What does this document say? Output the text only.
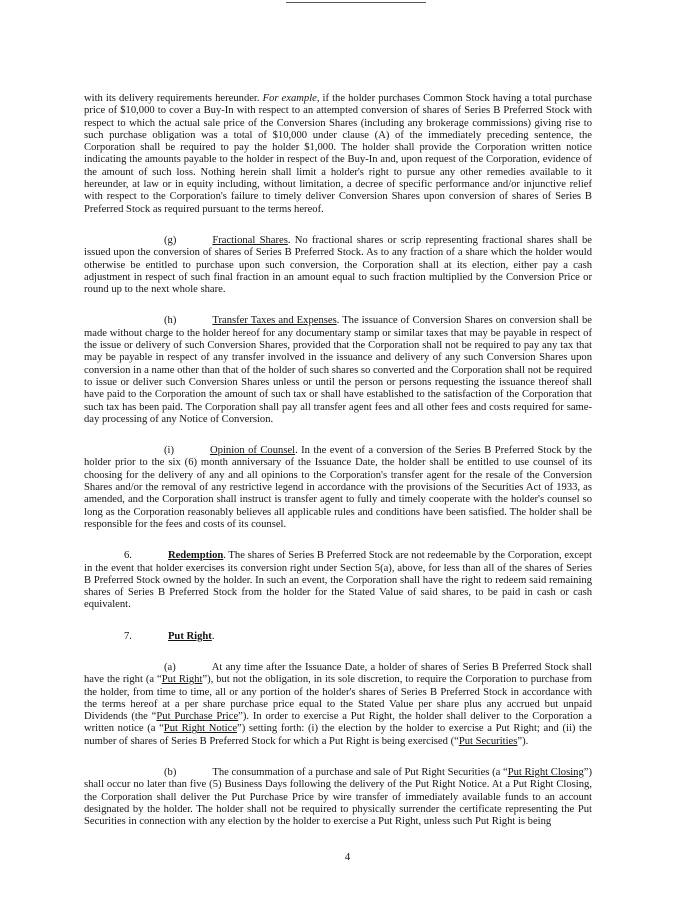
with its delivery requirements hereunder. For example, if the holder purchases Common Stock having a total purchase price of $10,000 to cover a Buy-In with respect to an attempted conversion of shares of Series B Preferred Stock with respect to which the actual sale price of the Conversion Shares (including any brokerage commissions) giving rise to such purchase obligation was a total of $10,000 under clause (A) of the immediately preceding sentence, the Corporation shall be required to pay the holder $1,000. The holder shall provide the Corporation written notice indicating the amounts payable to the holder in respect of the Buy-In and, upon request of the Corporation, evidence of the amount of such loss. Nothing herein shall limit a holder's right to pursue any other remedies available to it hereunder, at law or in equity including, without limitation, a decree of specific performance and/or injunctive relief with respect to the Corporation's failure to timely deliver Conversion Shares upon conversion of shares of Series B Preferred Stock as required pursuant to the terms hereof.

(g)	Fractional Shares. No fractional shares or scrip representing fractional shares shall be issued upon the conversion of shares of Series B Preferred Stock. As to any fraction of a share which the holder would otherwise be entitled to purchase upon such conversion, the Corporation shall at its election, either pay a cash adjustment in respect of such final fraction in an amount equal to such fraction multiplied by the Conversion Price or round up to the next whole share.

(h)	Transfer Taxes and Expenses. The issuance of Conversion Shares on conversion shall be made without charge to the holder hereof for any documentary stamp or similar taxes that may be payable in respect of the issue or delivery of such Conversion Shares, provided that the Corporation shall not be required to pay any tax that may be payable in respect of any transfer involved in the issuance and delivery of any such Conversion Shares upon conversion in a name other than that of the holder of such shares so converted and the Corporation shall not be required to issue or deliver such Conversion Shares unless or until the person or persons requesting the issuance thereof shall have paid to the Corporation the amount of such tax or shall have established to the satisfaction of the Corporation that such tax has been paid. The Corporation shall pay all transfer agent fees and all other fees and costs required for same-day processing of any Notice of Conversion.

(i)	Opinion of Counsel. In the event of a conversion of the Series B Preferred Stock by the holder prior to the six (6) month anniversary of the Issuance Date, the holder shall be entitled to use counsel of its choosing for the delivery of any and all opinions to the Corporation's transfer agent for the resale of the Conversion Shares and/or the removal of any restrictive legend in accordance with the provisions of the Securities Act of 1933, as amended, and the Corporation shall instruct is transfer agent to fully and timely cooperate with the holder's counsel so long as the Corporation reasonably believes all applicable rules and conditions have been satisfied. The holder shall be responsible for the fees and costs of its counsel.

6.	Redemption. The shares of Series B Preferred Stock are not redeemable by the Corporation, except in the event that holder exercises its conversion right under Section 5(a), above, for less than all of the shares of Series B Preferred Stock owned by the holder. In such an event, the Corporation shall have the right to redeem said remaining shares of Series B Preferred Stock from the holder for the Stated Value of said shares, to be paid in cash or cash equivalent.

7.	Put Right.

(a)	At any time after the Issuance Date, a holder of shares of Series B Preferred Stock shall have the right (a “Put Right”), but not the obligation, in its sole discretion, to require the Corporation to purchase from the holder, from time to time, all or any portion of the holder's shares of Series B Preferred Stock in accordance with the terms hereof at a per share purchase price equal to the Stated Value per share plus any accrued but unpaid Dividends (the “Put Purchase Price”). In order to exercise a Put Right, the holder shall deliver to the Corporation a written notice (a “Put Right Notice”) setting forth: (i) the election by the holder to exercise a Put Right; and (ii) the number of shares of Series B Preferred Stock for which a Put Right is being exercised (“Put Securities”).

(b)	The consummation of a purchase and sale of Put Right Securities (a “Put Right Closing”) shall occur no later than five (5) Business Days following the delivery of the Put Right Notice. At a Put Right Closing, the Corporation shall deliver the Put Purchase Price by wire transfer of immediately available funds to an account designated by the holder. The holder shall not be required to physically surrender the certificate representing the Put Securities in connection with any election by the holder to exercise a Put Right, unless such Put Right is being

4
